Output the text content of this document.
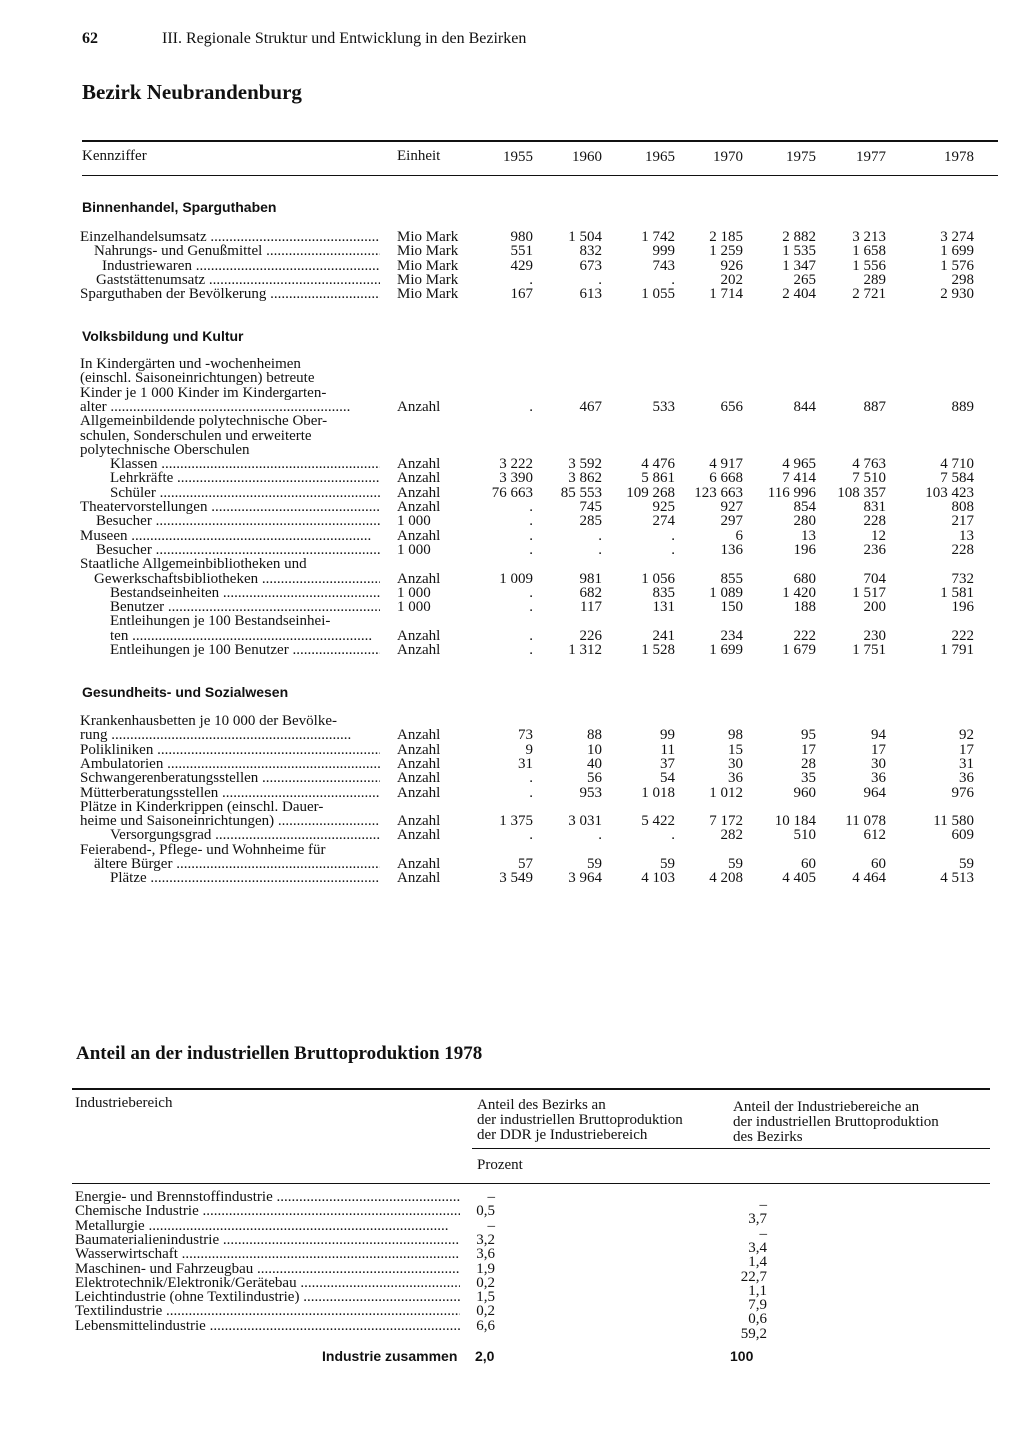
62	III. Regionale Struktur und Entwicklung in den Bezirken
Bezirk Neubrandenburg
Kennziffer	Einheit	1955	1960	1965	1970	1975	1977	1978
Binnenhandel, Sparguthaben
Einzelhandelsumsatz .....	Mio Mark	980	1 504	1 742	2 185	2 882	3 213	3 274
Nahrungs- und Genußmittel .....	Mio Mark	551	832	999	1 259	1 535	1 658	1 699
Industriewaren .....	Mio Mark	429	673	743	926	1 347	1 556	1 576
Gaststättenumsatz .....	Mio Mark	.	.	.	202	265	289	298
Sparguthaben der Bevölkerung .....	Mio Mark	167	613	1 055	1 714	2 404	2 721	2 930
Volksbildung und Kultur
In Kindergärten und -wochenheimen
(einschl. Saisoneinrichtungen) betreute
Kinder je 1 000 Kinder im Kindergarten-
alter .....	Anzahl	.	467	533	656	844	887	889
Allgemeinbildende polytechnische Ober-
schulen, Sonderschulen und erweiterte
polytechnische Oberschulen
Klassen .....	Anzahl	3 222	3 592	4 476	4 917	4 965	4 763	4 710
Lehrkräfte .....	Anzahl	3 390	3 862	5 861	6 668	7 414	7 510	7 584
Schüler .....	Anzahl	76 663	85 553	109 268	123 663	116 996	108 357	103 423
Theatervorstellungen .....	Anzahl	.	745	925	927	854	831	808
Besucher .....	1 000	.	285	274	297	280	228	217
Museen .....	Anzahl	.	.	.	6	13	12	13
Besucher .....	1 000	.	.	.	136	196	236	228
Staatliche Allgemeinbibliotheken und
Gewerkschaftsbibliotheken .....	Anzahl	1 009	981	1 056	855	680	704	732
Bestandseinheiten .....	1 000	.	682	835	1 089	1 420	1 517	1 581
Benutzer .....	1 000	.	117	131	150	188	200	196
Entleihungen je 100 Bestandseinhei-
ten .....	Anzahl	.	226	241	234	222	230	222
Entleihungen je 100 Benutzer .....	Anzahl	.	1 312	1 528	1 699	1 679	1 751	1 791
Gesundheits- und Sozialwesen
Krankenhausbetten je 10 000 der Bevölke-
rung .....	Anzahl	73	88	99	98	95	94	92
Polikliniken .....	Anzahl	9	10	11	15	17	17	17
Ambulatorien .....	Anzahl	31	40	37	30	28	30	31
Schwangerenberatungsstellen .....	Anzahl	.	56	54	36	35	36	36
Mütterberatungsstellen .....	Anzahl	.	953	1 018	1 012	960	964	976
Plätze in Kinderkrippen (einschl. Dauer-
heime und Saisoneinrichtungen) .....	Anzahl	1 375	3 031	5 422	7 172	10 184	11 078	11 580
Versorgungsgrad .....	Anzahl	.	.	.	282	510	612	609
Feierabend-, Pflege- und Wohnheime für
ältere Bürger .....	Anzahl	57	59	59	59	60	60	59
Plätze .....	Anzahl	3 549	3 964	4 103	4 208	4 405	4 464	4 513
Anteil an der industriellen Bruttoproduktion 1978
Industriebereich	Anteil des Bezirks an
der industriellen Bruttoproduktion
der DDR je Industriebereich
Anteil der Industriebereiche an
der industriellen Bruttoproduktion
des Bezirks
Prozent
Energie- und Brennstoffindustrie .....	–	–
Chemische Industrie .....	0,5	3,7
Metallurgie .....	–	–
Baumaterialienindustrie .....	3,2	3,4
Wasserwirtschaft .....	3,6	1,4
Maschinen- und Fahrzeugbau .....	1,9	22,7
Elektrotechnik/Elektronik/Gerätebau .....	0,2	1,1
Leichtindustrie (ohne Textilindustrie) .....	1,5	7,9
Textilindustrie .....	0,2	0,6
Lebensmittelindustrie .....	6,6	59,2
Industrie zusammen 2,0	100
